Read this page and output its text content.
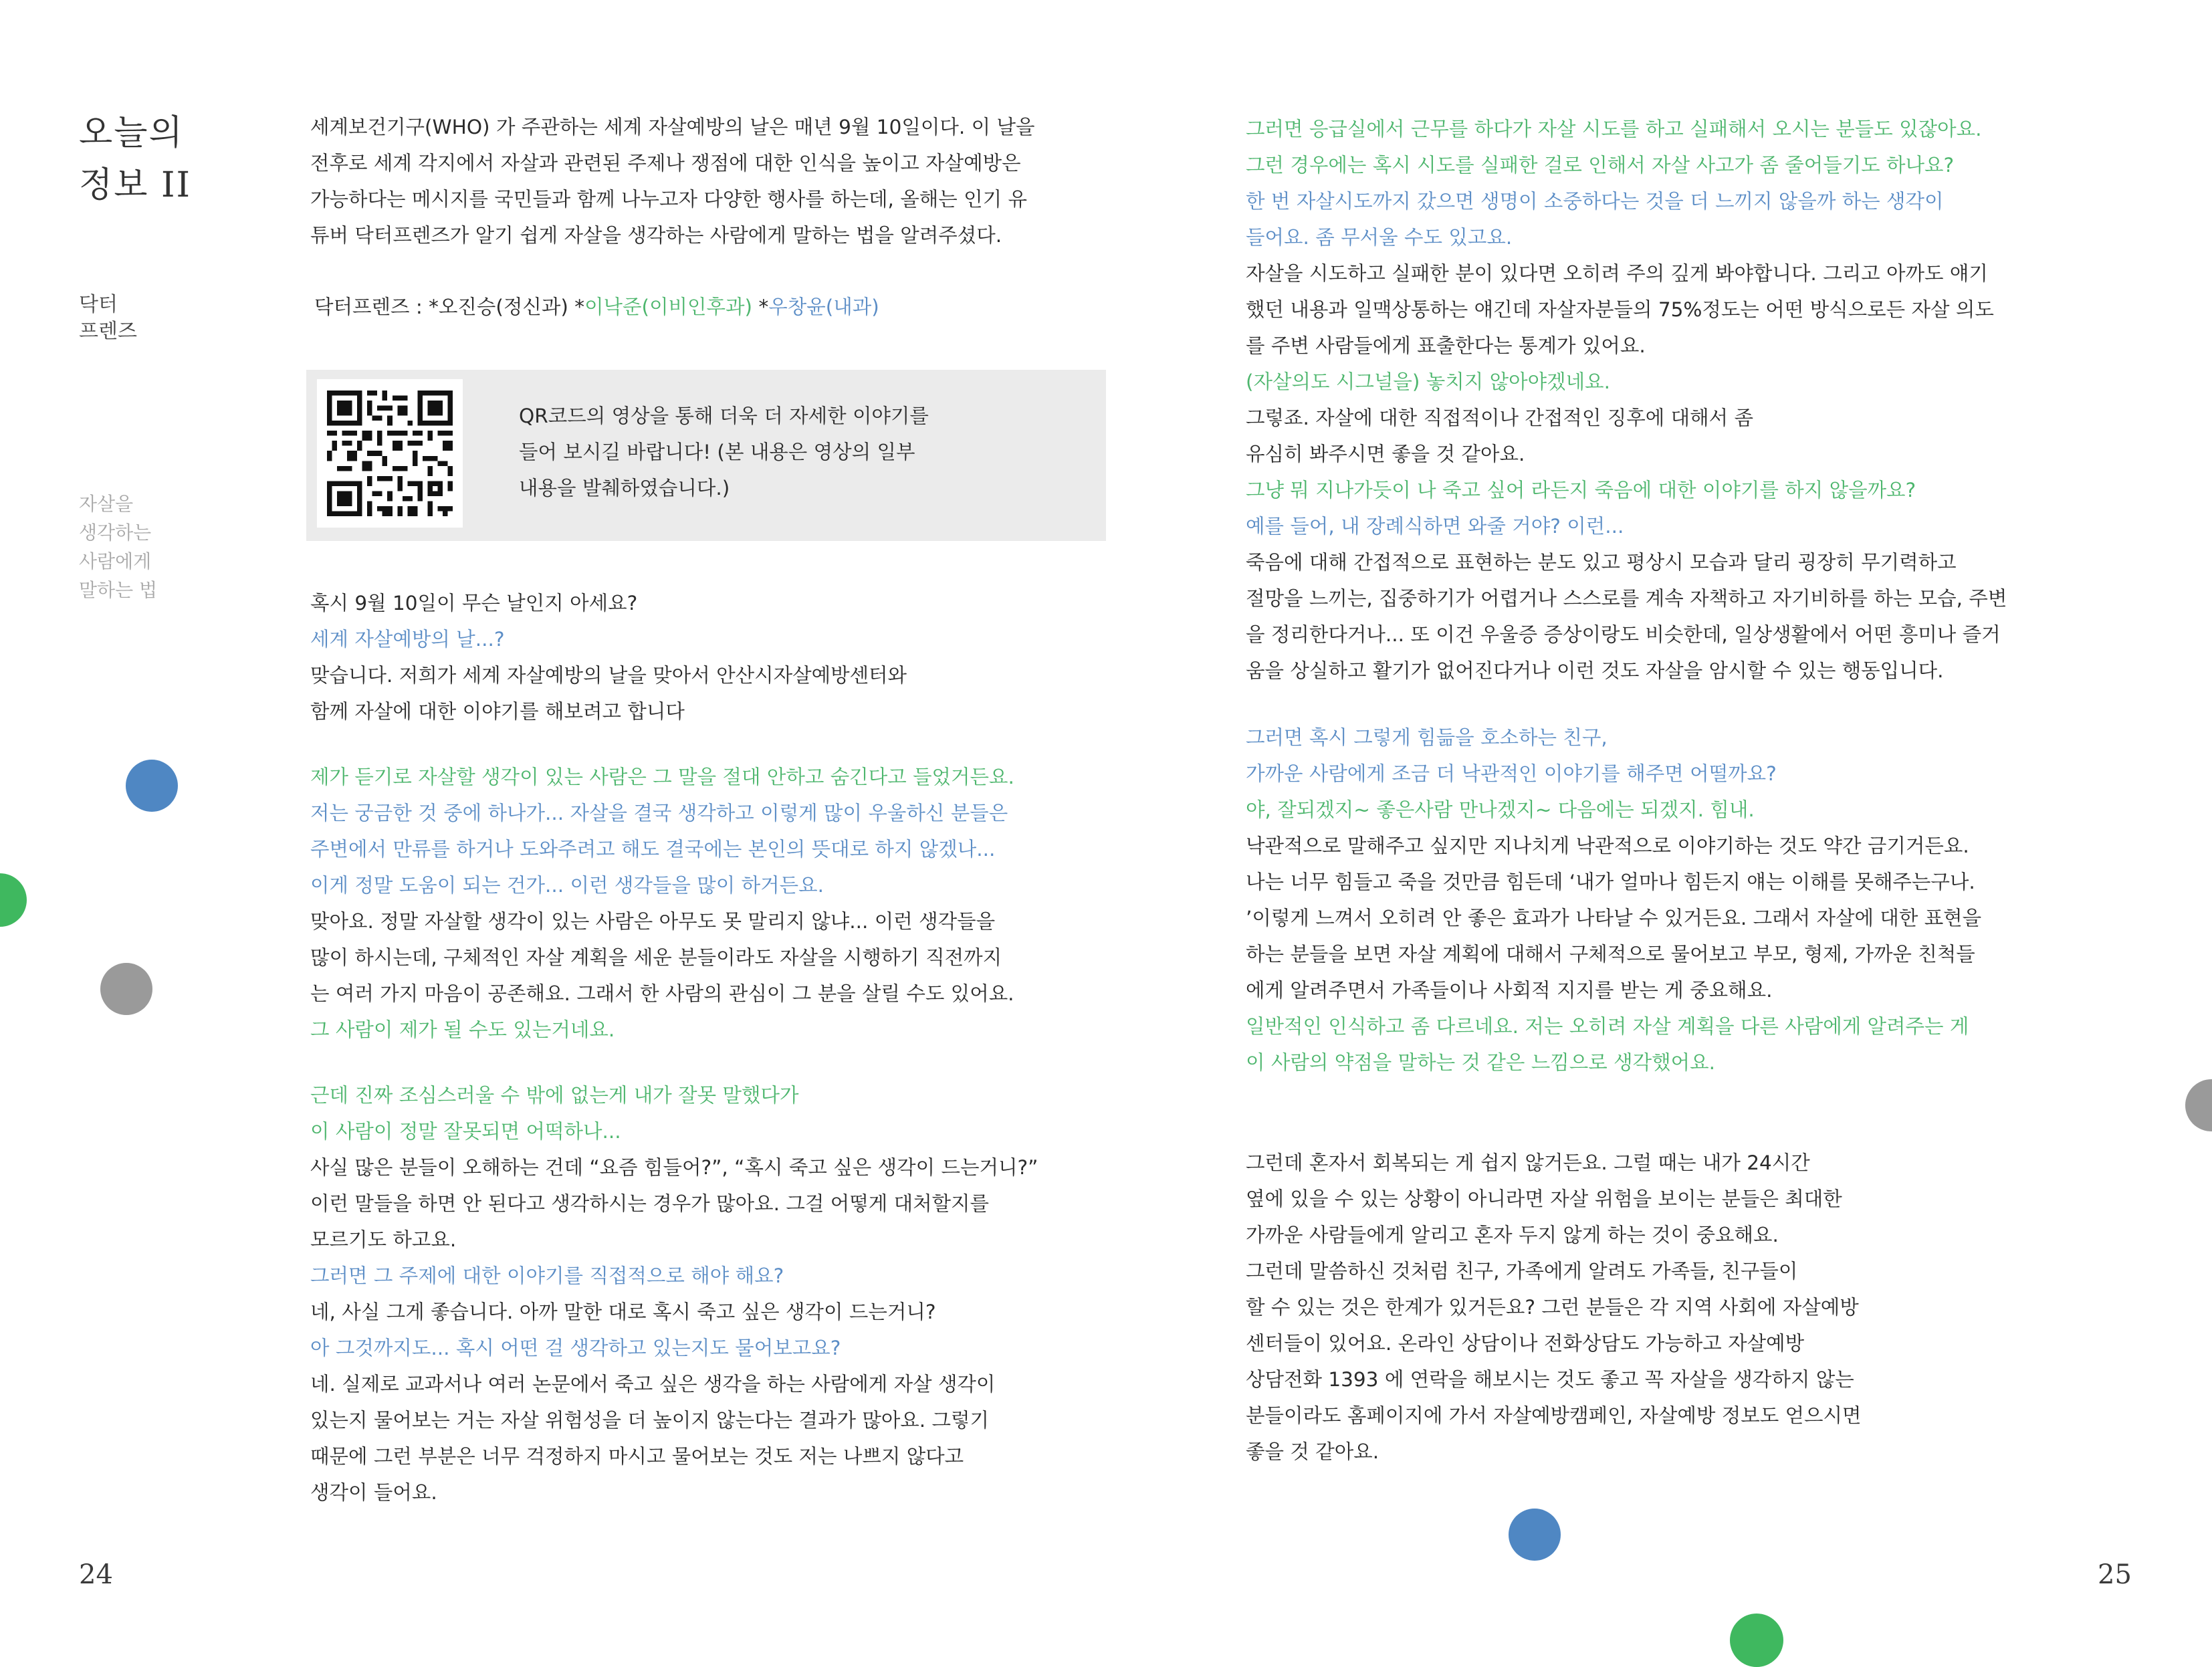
오늘의
정보 II
닥터
프렌즈
자살을
생각하는
사람에게
말하는 법
세계보건기구(WHO) 가 주관하는 세계 자살예방의 날은 매년 9월 10일이다. 이 날을
전후로 세계 각지에서 자살과 관련된 주제나 쟁점에 대한 인식을 높이고 자살예방은
가능하다는 메시지를 국민들과 함께 나누고자 다양한 행사를 하는데, 올해는 인기 유
튜버 닥터프렌즈가 알기 쉽게 자살을 생각하는 사람에게 말하는 법을 알려주셨다.
닥터프렌즈 : *오진승(정신과) *이낙준(이비인후과) *우창윤(내과)
QR코드의 영상을 통해 더욱 더 자세한 이야기를
들어 보시길 바랍니다! (본 내용은 영상의 일부
내용을 발췌하였습니다.)
혹시 9월 10일이 무슨 날인지 아세요?
세계 자살예방의 날...?
맞습니다. 저희가 세계 자살예방의 날을 맞아서 안산시자살예방센터와
함께 자살에 대한 이야기를 해보려고 합니다
제가 듣기로 자살할 생각이 있는 사람은 그 말을 절대 안하고 숨긴다고 들었거든요.
저는 궁금한 것 중에 하나가... 자살을 결국 생각하고 이렇게 많이 우울하신 분들은
주변에서 만류를 하거나 도와주려고 해도 결국에는 본인의 뜻대로 하지 않겠나...
이게 정말 도움이 되는 건가... 이런 생각들을 많이 하거든요.
맞아요. 정말 자살할 생각이 있는 사람은 아무도 못 말리지 않냐... 이런 생각들을
많이 하시는데, 구체적인 자살 계획을 세운 분들이라도 자살을 시행하기 직전까지
는 여러 가지 마음이 공존해요. 그래서 한 사람의 관심이 그 분을 살릴 수도 있어요.
그 사람이 제가 될 수도 있는거네요.
근데 진짜 조심스러울 수 밖에 없는게 내가 잘못 말했다가
이 사람이 정말 잘못되면 어떡하나...
사실 많은 분들이 오해하는 건데 “요즘 힘들어?”, “혹시 죽고 싶은 생각이 드는거니?”
이런 말들을 하면 안 된다고 생각하시는 경우가 많아요. 그걸 어떻게 대처할지를
모르기도 하고요.
그러면 그 주제에 대한 이야기를 직접적으로 해야 해요?
네, 사실 그게 좋습니다. 아까 말한 대로 혹시 죽고 싶은 생각이 드는거니?
아 그것까지도... 혹시 어떤 걸 생각하고 있는지도 물어보고요?
네. 실제로 교과서나 여러 논문에서 죽고 싶은 생각을 하는 사람에게 자살 생각이
있는지 물어보는 거는 자살 위험성을 더 높이지 않는다는 결과가 많아요. 그렇기
때문에 그런 부분은 너무 걱정하지 마시고 물어보는 것도 저는 나쁘지 않다고
생각이 들어요.
그러면 응급실에서 근무를 하다가 자살 시도를 하고 실패해서 오시는 분들도 있잖아요.
그런 경우에는 혹시 시도를 실패한 걸로 인해서 자살 사고가 좀 줄어들기도 하나요?
한 번 자살시도까지 갔으면 생명이 소중하다는 것을 더 느끼지 않을까 하는 생각이
들어요. 좀 무서울 수도 있고요.
자살을 시도하고 실패한 분이 있다면 오히려 주의 깊게 봐야합니다. 그리고 아까도 얘기
했던 내용과 일맥상통하는 얘긴데 자살자분들의 75%정도는 어떤 방식으로든 자살 의도
를 주변 사람들에게 표출한다는 통계가 있어요.
(자살의도 시그널을) 놓치지 않아야겠네요.
그렇죠. 자살에 대한 직접적이나 간접적인 징후에 대해서 좀
유심히 봐주시면 좋을 것 같아요.
그냥 뭐 지나가듯이 나 죽고 싶어 라든지 죽음에 대한 이야기를 하지 않을까요?
예를 들어, 내 장례식하면 와줄 거야? 이런...
죽음에 대해 간접적으로 표현하는 분도 있고 평상시 모습과 달리 굉장히 무기력하고
절망을 느끼는, 집중하기가 어렵거나 스스로를 계속 자책하고 자기비하를 하는 모습, 주변
을 정리한다거나... 또 이건 우울증 증상이랑도 비슷한데, 일상생활에서 어떤 흥미나 즐거
움을 상실하고 활기가 없어진다거나 이런 것도 자살을 암시할 수 있는 행동입니다.
그러면 혹시 그렇게 힘듦을 호소하는 친구,
가까운 사람에게 조금 더 낙관적인 이야기를 해주면 어떨까요?
야, 잘되겠지~ 좋은사람 만나겠지~ 다음에는 되겠지. 힘내.
낙관적으로 말해주고 싶지만 지나치게 낙관적으로 이야기하는 것도 약간 금기거든요.
나는 너무 힘들고 죽을 것만큼 힘든데 ‘내가 얼마나 힘든지 얘는 이해를 못해주는구나.
’이렇게 느껴서 오히려 안 좋은 효과가 나타날 수 있거든요. 그래서 자살에 대한 표현을
하는 분들을 보면 자살 계획에 대해서 구체적으로 물어보고 부모, 형제, 가까운 친척들
에게 알려주면서 가족들이나 사회적 지지를 받는 게 중요해요.
일반적인 인식하고 좀 다르네요. 저는 오히려 자살 계획을 다른 사람에게 알려주는 게
이 사람의 약점을 말하는 것 같은 느낌으로 생각했어요.
그런데 혼자서 회복되는 게 쉽지 않거든요. 그럴 때는 내가 24시간
옆에 있을 수 있는 상황이 아니라면 자살 위험을 보이는 분들은 최대한
가까운 사람들에게 알리고 혼자 두지 않게 하는 것이 중요해요.
그런데 말씀하신 것처럼 친구, 가족에게 알려도 가족들, 친구들이
할 수 있는 것은 한계가 있거든요? 그런 분들은 각 지역 사회에 자살예방
센터들이 있어요. 온라인 상담이나 전화상담도 가능하고 자살예방
상담전화 1393 에 연락을 해보시는 것도 좋고 꼭 자살을 생각하지 않는
분들이라도 홈페이지에 가서 자살예방캠페인, 자살예방 정보도 얻으시면
좋을 것 같아요.
24	25
